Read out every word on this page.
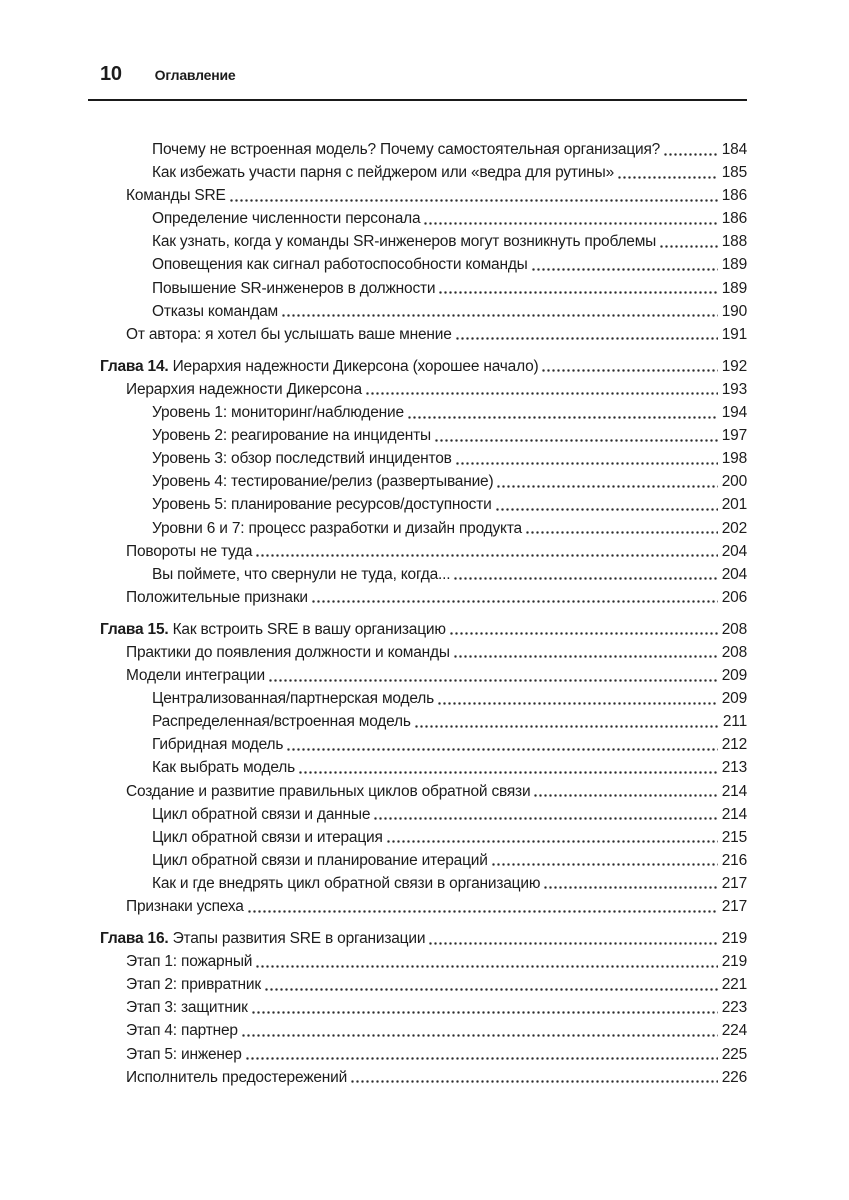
10 Оглавление
Почему не встроенная модель? Почему самостоятельная организация?	184
Как избежать участи парня с пейджером или «ведра для рутины»	185
Команды SRE	186
Определение численности персонала	186
Как узнать, когда у команды SR-инженеров могут возникнуть проблемы	188
Оповещения как сигнал работоспособности команды	189
Повышение SR-инженеров в должности	189
Отказы командам	190
От автора: я хотел бы услышать ваше мнение	191
Глава 14. Иерархия надежности Дикерсона (хорошее начало)	192
Иерархия надежности Дикерсона	193
Уровень 1: мониторинг/наблюдение	194
Уровень 2: реагирование на инциденты	197
Уровень 3: обзор последствий инцидентов	198
Уровень 4: тестирование/релиз (развертывание)	200
Уровень 5: планирование ресурсов/доступности	201
Уровни 6 и 7: процесс разработки и дизайн продукта	202
Повороты не туда	204
Вы поймете, что свернули не туда, когда...	204
Положительные признаки	206
Глава 15. Как встроить SRE в вашу организацию	208
Практики до появления должности и команды	208
Модели интеграции	209
Централизованная/партнерская модель	209
Распределенная/встроенная модель	211
Гибридная модель	212
Как выбрать модель	213
Создание и развитие правильных циклов обратной связи	214
Цикл обратной связи и данные	214
Цикл обратной связи и итерация	215
Цикл обратной связи и планирование итераций	216
Как и где внедрять цикл обратной связи в организацию	217
Признаки успеха	217
Глава 16. Этапы развития SRE в организации	219
Этап 1: пожарный	219
Этап 2: привратник	221
Этап 3: защитник	223
Этап 4: партнер	224
Этап 5: инженер	225
Исполнитель предостережений	226
